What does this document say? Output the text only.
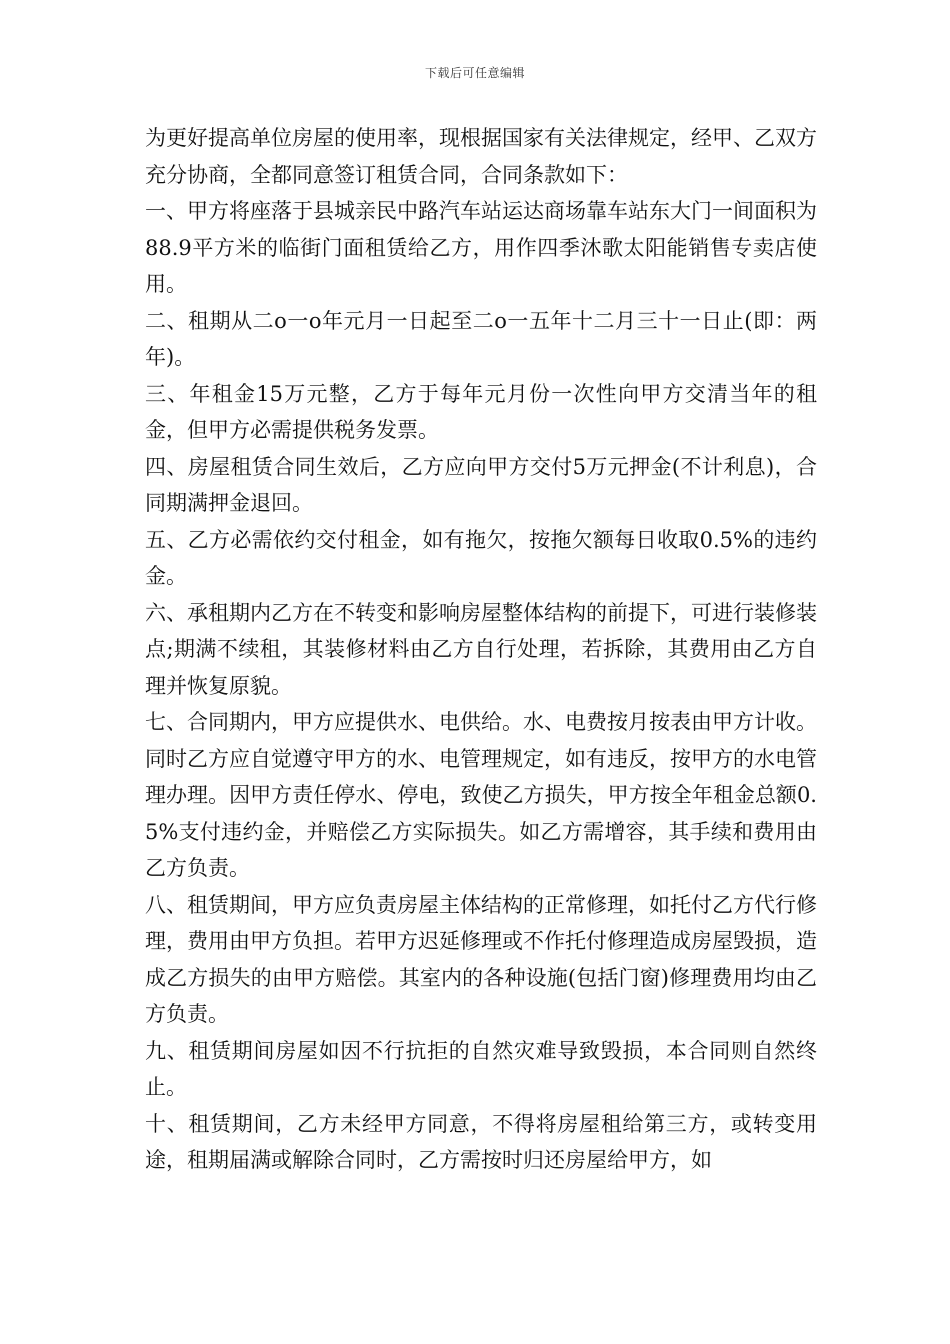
下载后可任意编辑

为更好提高单位房屋的使用率，现根据国家有关法律规定，经甲、乙双方充分协商，全都同意签订租赁合同，合同条款如下：

一、甲方将座落于县城亲民中路汽车站运达商场靠车站东大门一间面积为88.9平方米的临街门面租赁给乙方，用作四季沐歌太阳能销售专卖店使用。

二、租期从二o一o年元月一日起至二o一五年十二月三十一日止(即：两年)。

三、年租金15万元整，乙方于每年元月份一次性向甲方交清当年的租金，但甲方必需提供税务发票。

四、房屋租赁合同生效后，乙方应向甲方交付5万元押金(不计利息)，合同期满押金退回。

五、乙方必需依约交付租金，如有拖欠，按拖欠额每日收取0.5%的违约金。

六、承租期内乙方在不转变和影响房屋整体结构的前提下，可进行装修装点;期满不续租，其装修材料由乙方自行处理，若拆除，其费用由乙方自理并恢复原貌。

七、合同期内，甲方应提供水、电供给。水、电费按月按表由甲方计收。同时乙方应自觉遵守甲方的水、电管理规定，如有违反，按甲方的水电管理办理。因甲方责任停水、停电，致使乙方损失，甲方按全年租金总额0.5%支付违约金，并赔偿乙方实际损失。如乙方需增容，其手续和费用由乙方负责。

八、租赁期间，甲方应负责房屋主体结构的正常修理，如托付乙方代行修理，费用由甲方负担。若甲方迟延修理或不作托付修理造成房屋毁损，造成乙方损失的由甲方赔偿。其室内的各种设施(包括门窗)修理费用均由乙方负责。

九、租赁期间房屋如因不行抗拒的自然灾难导致毁损，本合同则自然终止。

十、租赁期间，乙方未经甲方同意，不得将房屋租给第三方，或转变用途，租期届满或解除合同时，乙方需按时归还房屋给甲方，如
